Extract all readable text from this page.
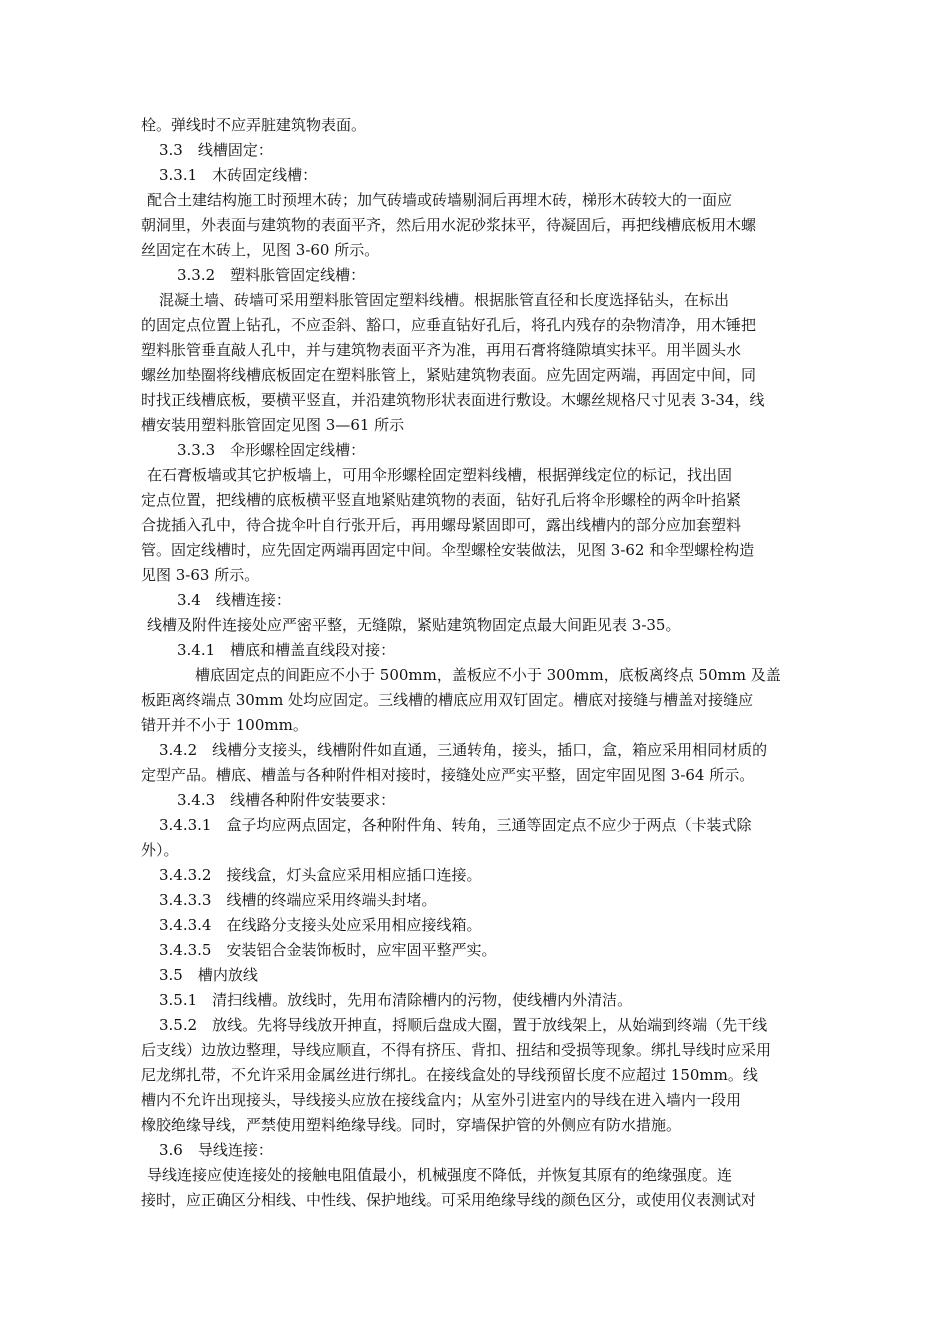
栓。弹线时不应弄脏建筑物表面。
3.3　线槽固定：
3.3.1　木砖固定线槽：
配合土建结构施工时预埋木砖；加气砖墙或砖墙剔洞后再埋木砖，梯形木砖较大的一面应
朝洞里，外表面与建筑物的表面平齐，然后用水泥砂浆抹平，待凝固后，再把线槽底板用木螺
丝固定在木砖上，见图 3-60 所示。
3.3.2　塑料胀管固定线槽：
混凝土墙、砖墙可采用塑料胀管固定塑料线槽。根据胀管直径和长度选择钻头，在标出
的固定点位置上钻孔，不应歪斜、豁口，应垂直钻好孔后，将孔内残存的杂物清净，用木锤把
塑料胀管垂直敲人孔中，并与建筑物表面平齐为准，再用石膏将缝隙填实抹平。用半圆头水
螺丝加垫圈将线槽底板固定在塑料胀管上，紧贴建筑物表面。应先固定两端，再固定中间，同
时找正线槽底板，要横平竖直，并沿建筑物形状表面进行敷设。木螺丝规格尺寸见表 3-34，线
槽安装用塑料胀管固定见图 3—61 所示
3.3.3　伞形螺栓固定线槽：
在石膏板墙或其它护板墙上，可用伞形螺栓固定塑料线槽，根据弹线定位的标记，找出固
定点位置，把线槽的底板横平竖直地紧贴建筑物的表面，钻好孔后将伞形螺栓的两伞叶掐紧
合拢插入孔中，待合拢伞叶自行张开后，再用螺母紧固即可，露出线槽内的部分应加套塑料
管。固定线槽时，应先固定两端再固定中间。伞型螺栓安装做法，见图 3-62 和伞型螺栓构造
见图 3-63 所示。
3.4　线槽连接：
线槽及附件连接处应严密平整，无缝隙，紧贴建筑物固定点最大间距见表 3-35。
3.4.1　槽底和槽盖直线段对接：
槽底固定点的间距应不小于 500mm，盖板应不小于 300mm，底板离终点 50mm 及盖
板距离终端点 30mm 处均应固定。三线槽的槽底应用双钉固定。槽底对接缝与槽盖对接缝应
错开并不小于 100mm。
3.4.2　线槽分支接头，线槽附件如直通，三通转角，接头，插口，盒，箱应采用相同材质的
定型产品。槽底、槽盖与各种附件相对接时，接缝处应严实平整，固定牢固见图 3-64 所示。
3.4.3　线槽各种附件安装要求：
3.4.3.1　盒子均应两点固定，各种附件角、转角，三通等固定点不应少于两点（卡装式除
外）。
3.4.3.2　接线盒，灯头盒应采用相应插口连接。
3.4.3.3　线槽的终端应采用终端头封堵。
3.4.3.4　在线路分支接头处应采用相应接线箱。
3.4.3.5　安装铝合金装饰板时，应牢固平整严实。
3.5　槽内放线
3.5.1　清扫线槽。放线时，先用布清除槽内的污物，使线槽内外清洁。
3.5.2　放线。先将导线放开抻直，捋顺后盘成大圈，置于放线架上，从始端到终端（先干线
后支线）边放边整理，导线应顺直，不得有挤压、背扣、扭结和受损等现象。绑扎导线时应采用
尼龙绑扎带，不允许采用金属丝进行绑扎。在接线盒处的导线预留长度不应超过 150mm。线
槽内不允许出现接头，导线接头应放在接线盒内；从室外引进室内的导线在进入墙内一段用
橡胶绝缘导线，严禁使用塑料绝缘导线。同时，穿墙保护管的外侧应有防水措施。
3.6　导线连接：
导线连接应使连接处的接触电阻值最小，机械强度不降低，并恢复其原有的绝缘强度。连
接时，应正确区分相线、中性线、保护地线。可采用绝缘导线的颜色区分，或使用仪表测试对
